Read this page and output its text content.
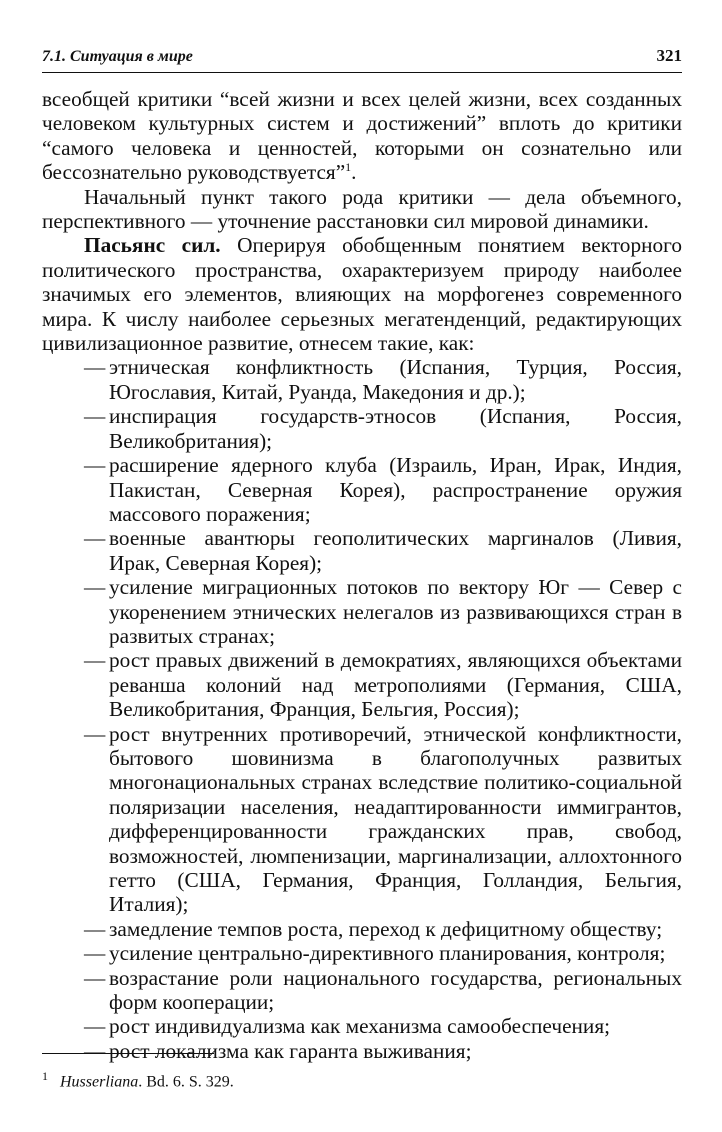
7.1. Ситуация в мире	321

всеобщей критики “всей жизни и всех целей жизни, всех созданных человеком культурных систем и достижений” вплоть до критики “самого человека и ценностей, которыми он сознательно или бессознательно руководствуется”$^1$.

Начальный пункт такого рода критики — дела объемного, перспективного — уточнение расстановки сил мировой динамики.

Пасьянс сил. Оперируя обобщенным понятием векторного политического пространства, охарактеризуем природу наиболее значимых его элементов, влияющих на морфогенез современного мира. К числу наиболее серьезных мегатенденций, редактирующих цивилизационное развитие, отнесем такие, как:

— этническая конфликтность (Испания, Турция, Россия, Югославия, Китай, Руанда, Македония и др.);
— инспирация государств-этносов (Испания, Россия, Великобритания);
— расширение ядерного клуба (Израиль, Иран, Ирак, Индия, Пакистан, Северная Корея), распространение оружия массового поражения;
— военные авантюры геополитических маргиналов (Ливия, Ирак, Северная Корея);
— усиление миграционных потоков по вектору Юг — Север с укоренением этнических нелегалов из развивающихся стран в развитых странах;
— рост правых движений в демократиях, являющихся объектами реванша колоний над метрополиями (Германия, США, Великобритания, Франция, Бельгия, Россия);
— рост внутренних противоречий, этнической конфликтности, бытового шовинизма в благополучных развитых многонациональных странах вследствие политико-социальной поляризации населения, неадаптированности иммигрантов, дифференцированности гражданских прав, свобод, возможностей, люмпенизации, маргинализации, аллохтонного гетто (США, Германия, Франция, Голландия, Бельгия, Италия);
— замедление темпов роста, переход к дефицитному обществу;
— усиление центрально-директивного планирования, контроля;
— возрастание роли национального государства, региональных форм кооперации;
— рост индивидуализма как механизма самообеспечения;
— рост локализма как гаранта выживания;
$^1$ Husserliana. Bd. 6. S. 329.
